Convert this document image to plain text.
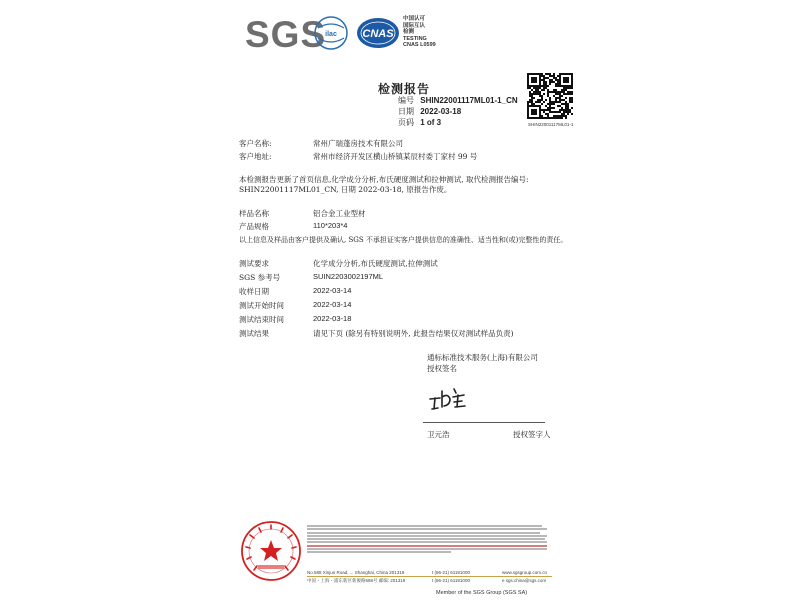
SGS ilac CNAS
中国认可
国际互认
检测
TESTING
CNAS L0599
检测报告
编号 SHIN22001117ML01-1_CN
日期 2022-03-18
页码 1 of 3	SHIN22001117ML01-1
客户名称:	常州广瑞蓬房技术有限公司
客户地址:	常州市经济开发区横山桥镇某辰村委丁家村 99 号
本检测报告更新了首页信息,化学成分分析,布氏硬度测试和拉伸测试, 取代检测报告编号:
SHIN22001117ML01_CN, 日期 2022-03-18, 原报告作废。
样品名称	铝合金工业型材
产品规格	110*203*4
以上信息及样品由客户提供及确认, SGS 不承担证实客户提供信息的准确性、适当性和(或)完整性的责任。
测试要求	化学成分分析,布氏硬度测试,拉伸测试
SGS 参考号	SUIN2203002197ML
收样日期	2022-03-14
测试开始时间	2022-03-14
测试结束时间	2022-03-18
测试结果	请见下页 (除另有特别说明外, 此报告结果仅对测试样品负责)
通标标准技术服务(上海)有限公司
授权签名
卫元浩	授权签字人
No.588 Xinjun Road, ... Shanghai, China 201319
中国・上海・浦东新区新俊路588号 邮编: 201319
t (86-21) 61191000
t (86-21) 61191000
www.sgsgroup.com.cn
e sgs.china@sgs.com
Member of the SGS Group (SGS SA)
